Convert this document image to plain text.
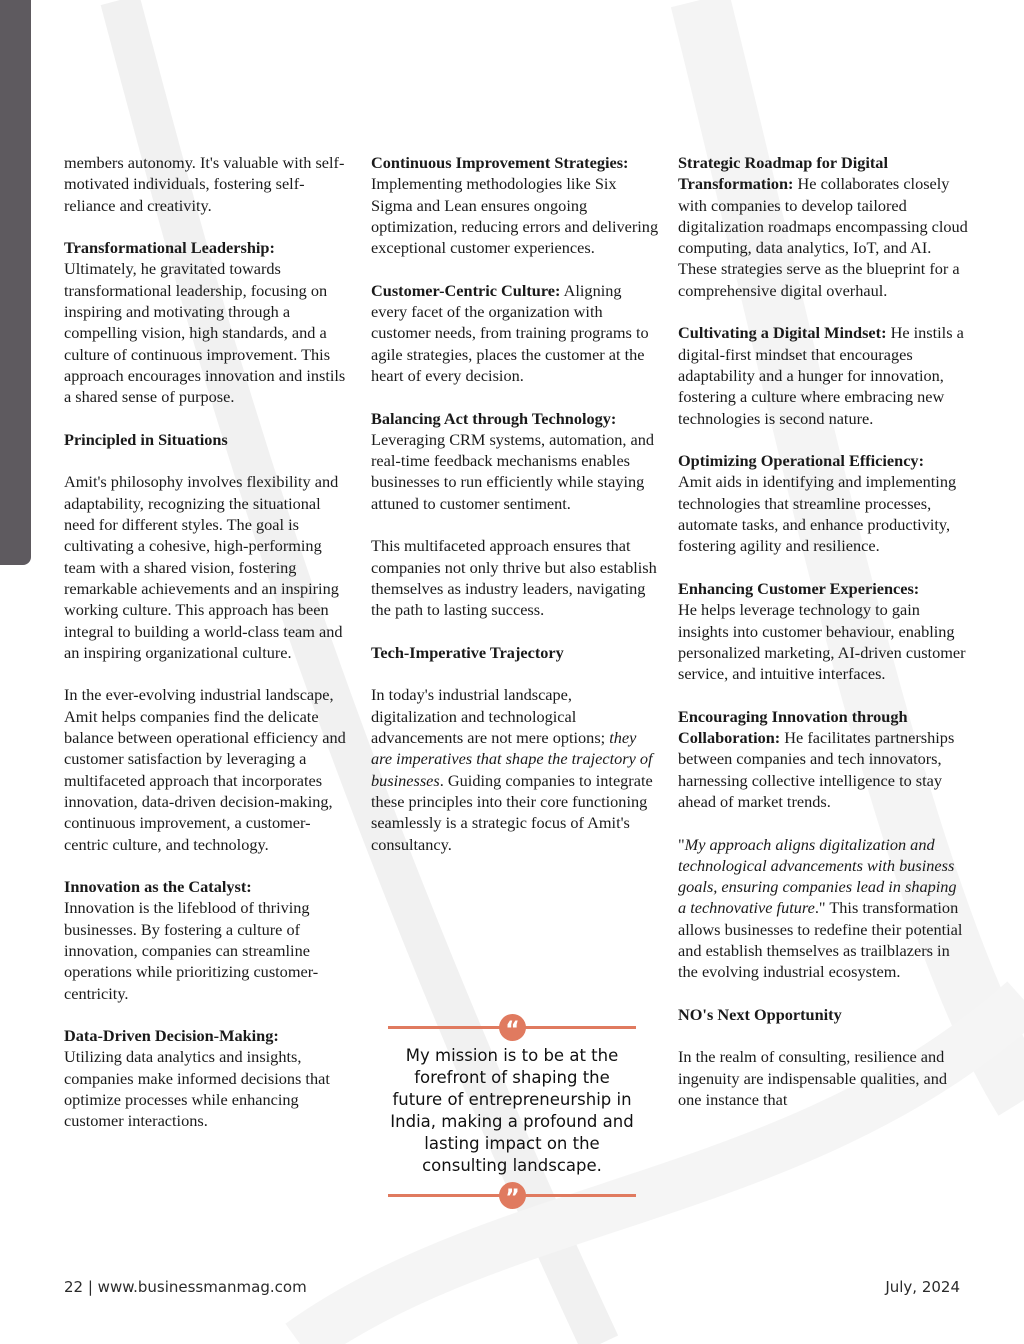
members autonomy. It's valuable with self-motivated individuals, fostering self-reliance and creativity.

Transformational Leadership:
Ultimately, he gravitated towards transformational leadership, focusing on inspiring and motivating through a compelling vision, high standards, and a culture of continuous improvement. This approach encourages innovation and instils a shared sense of purpose.

Principled in Situations

Amit's philosophy involves flexibility and adaptability, recognizing the situational need for different styles. The goal is cultivating a cohesive, high-performing team with a shared vision, fostering remarkable achievements and an inspiring working culture. This approach has been integral to building a world-class team and an inspiring organizational culture.

In the ever-evolving industrial landscape, Amit helps companies find the delicate balance between operational efficiency and customer satisfaction by leveraging a multifaceted approach that incorporates innovation, data-driven decision-making, continuous improvement, a customer-centric culture, and technology.

Innovation as the Catalyst:
Innovation is the lifeblood of thriving businesses. By fostering a culture of innovation, companies can streamline operations while prioritizing customer-centricity.

Data-Driven Decision-Making:
Utilizing data analytics and insights, companies make informed decisions that optimize processes while enhancing customer interactions.

Continuous Improvement Strategies:
Implementing methodologies like Six Sigma and Lean ensures ongoing optimization, reducing errors and delivering exceptional customer experiences.

Customer-Centric Culture: Aligning every facet of the organization with customer needs, from training programs to agile strategies, places the customer at the heart of every decision.

Balancing Act through Technology:
Leveraging CRM systems, automation, and real-time feedback mechanisms enables businesses to run efficiently while staying attuned to customer sentiment.

This multifaceted approach ensures that companies not only thrive but also establish themselves as industry leaders, navigating the path to lasting success.

Tech-Imperative Trajectory

In today's industrial landscape, digitalization and technological advancements are not mere options; they are imperatives that shape the trajectory of businesses. Guiding companies to integrate these principles into their core functioning seamlessly is a strategic focus of Amit's consultancy.

“
My mission is to be at the forefront of shaping the future of entrepreneurship in India, making a profound and lasting impact on the consulting landscape.
”

Strategic Roadmap for Digital Transformation: He collaborates closely with companies to develop tailored digitalization roadmaps encompassing cloud computing, data analytics, IoT, and AI. These strategies serve as the blueprint for a comprehensive digital overhaul.

Cultivating a Digital Mindset: He instils a digital-first mindset that encourages adaptability and a hunger for innovation, fostering a culture where embracing new technologies is second nature.

Optimizing Operational Efficiency:
Amit aids in identifying and implementing technologies that streamline processes, automate tasks, and enhance productivity, fostering agility and resilience.

Enhancing Customer Experiences:
He helps leverage technology to gain insights into customer behaviour, enabling personalized marketing, AI-driven customer service, and intuitive interfaces.

Encouraging Innovation through Collaboration: He facilitates partnerships between companies and tech innovators, harnessing collective intelligence to stay ahead of market trends.

"My approach aligns digitalization and technological advancements with business goals, ensuring companies lead in shaping a technovative future." This transformation allows businesses to redefine their potential and establish themselves as trailblazers in the evolving industrial ecosystem.

NO's Next Opportunity

In the realm of consulting, resilience and ingenuity are indispensable qualities, and one instance that

22 | www.businessmanmag.com	July, 2024
